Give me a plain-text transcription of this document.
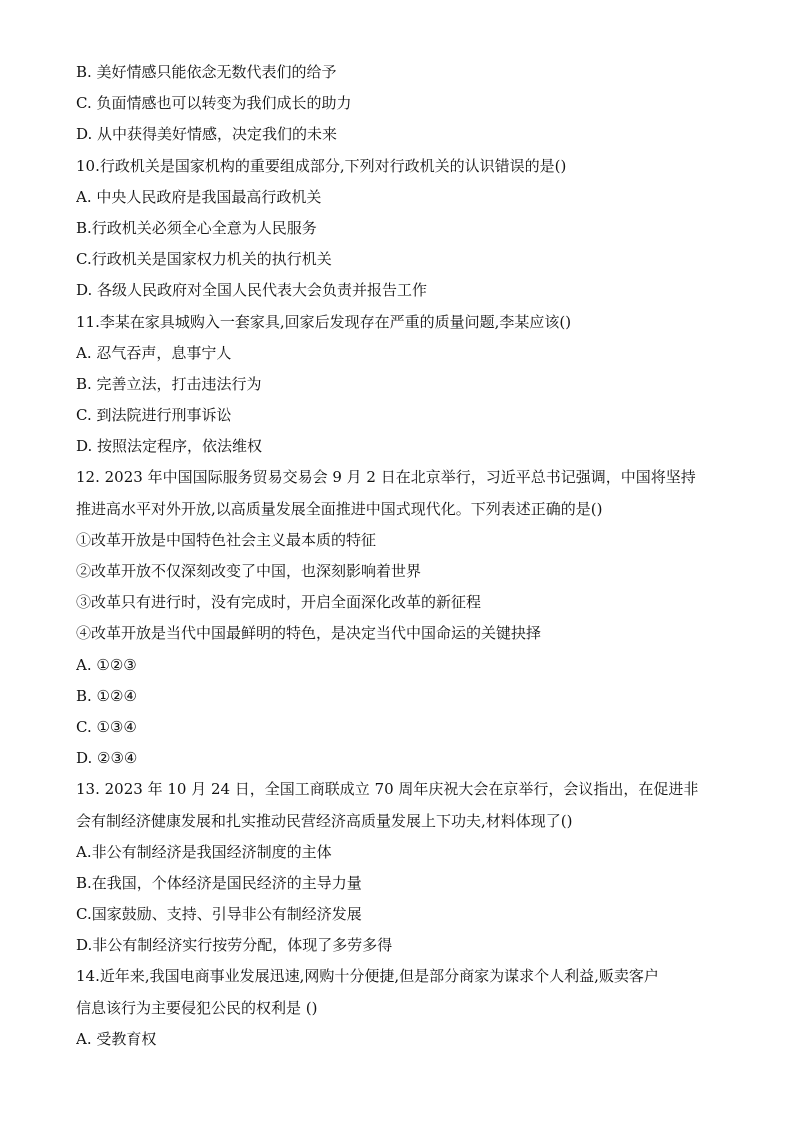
B. 美好情感只能依念无数代表们的给予
C. 负面情感也可以转变为我们成长的助力
D. 从中获得美好情感，决定我们的未来
10.行政机关是国家机构的重要组成部分,下列对行政机关的认识错误的是()
A. 中央人民政府是我国最高行政机关
B.行政机关必须全心全意为人民服务
C.行政机关是国家权力机关的执行机关
D. 各级人民政府对全国人民代表大会负责并报告工作
11.李某在家具城购入一套家具,回家后发现存在严重的质量问题,李某应该()
A. 忍气吞声，息事宁人
B. 完善立法，打击违法行为
C. 到法院进行刑事诉讼
D. 按照法定程序，依法维权
12. 2023 年中国国际服务贸易交易会 9 月 2 日在北京举行，习近平总书记强调，中国将坚持
推进高水平对外开放,以高质量发展全面推进中国式现代化。下列表述正确的是()
①改革开放是中国特色社会主义最本质的特征
②改革开放不仅深刻改变了中国，也深刻影响着世界
③改革只有进行时，没有完成时，开启全面深化改革的新征程
④改革开放是当代中国最鲜明的特色，是决定当代中国命运的关键抉择
A. ①②③
B. ①②④
C. ①③④
D. ②③④
13. 2023 年 10 月 24 日，全国工商联成立 70 周年庆祝大会在京举行，会议指出，在促进非
会有制经济健康发展和扎实推动民营经济高质量发展上下功夫,材料体现了()
A.非公有制经济是我国经济制度的主体
B.在我国，个体经济是国民经济的主导力量
C.国家鼓励、支持、引导非公有制经济发展
D.非公有制经济实行按劳分配，体现了多劳多得
14.近年来,我国电商事业发展迅速,网购十分便捷,但是部分商家为谋求个人利益,贩卖客户
信息该行为主要侵犯公民的权利是 ()
A. 受教育权
